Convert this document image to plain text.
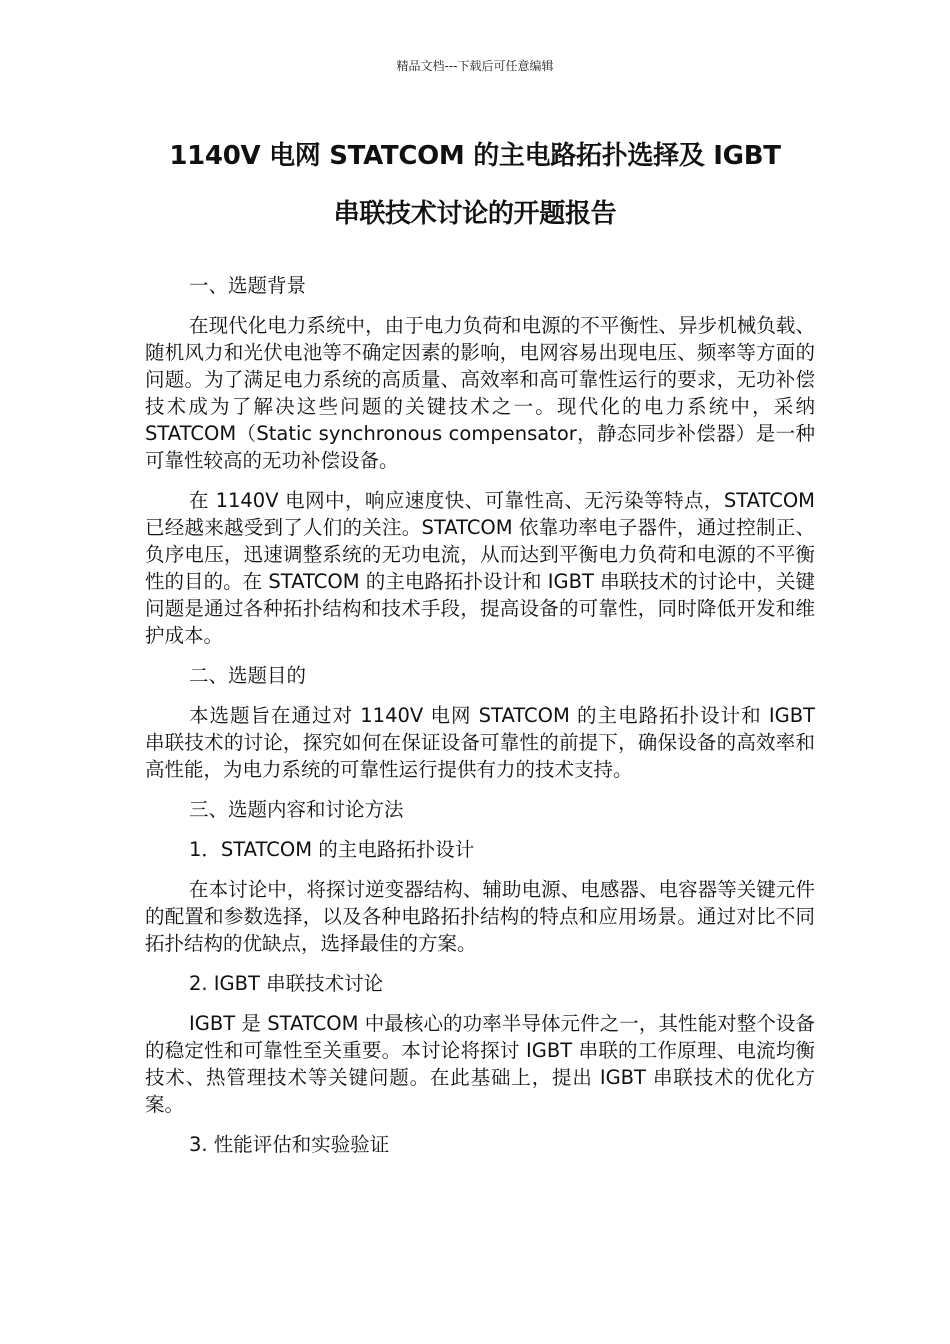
精品文档---下载后可任意编辑
1140V 电网 STATCOM 的主电路拓扑选择及 IGBT
串联技术讨论的开题报告

一、选题背景

在现代化电力系统中，由于电力负荷和电源的不平衡性、异步机械负载、随机风力和光伏电池等不确定因素的影响，电网容易出现电压、频率等方面的问题。为了满足电力系统的高质量、高效率和高可靠性运行的要求，无功补偿技术成为了解决这些问题的关键技术之一。现代化的电力系统中，采纳 STATCOM（Static synchronous compensator，静态同步补偿器）是一种可靠性较高的无功补偿设备。

在 1140V 电网中，响应速度快、可靠性高、无污染等特点，STATCOM 已经越来越受到了人们的关注。STATCOM 依靠功率电子器件，通过控制正、负序电压，迅速调整系统的无功电流，从而达到平衡电力负荷和电源的不平衡性的目的。在 STATCOM 的主电路拓扑设计和 IGBT 串联技术的讨论中，关键问题是通过各种拓扑结构和技术手段，提高设备的可靠性，同时降低开发和维护成本。

二、选题目的

本选题旨在通过对 1140V 电网 STATCOM 的主电路拓扑设计和 IGBT 串联技术的讨论，探究如何在保证设备可靠性的前提下，确保设备的高效率和高性能，为电力系统的可靠性运行提供有力的技术支持。

三、选题内容和讨论方法

1．STATCOM 的主电路拓扑设计

在本讨论中，将探讨逆变器结构、辅助电源、电感器、电容器等关键元件的配置和参数选择，以及各种电路拓扑结构的特点和应用场景。通过对比不同拓扑结构的优缺点，选择最佳的方案。

2. IGBT 串联技术讨论

IGBT 是 STATCOM 中最核心的功率半导体元件之一，其性能对整个设备的稳定性和可靠性至关重要。本讨论将探讨 IGBT 串联的工作原理、电流均衡技术、热管理技术等关键问题。在此基础上，提出 IGBT 串联技术的优化方案。

3. 性能评估和实验验证
